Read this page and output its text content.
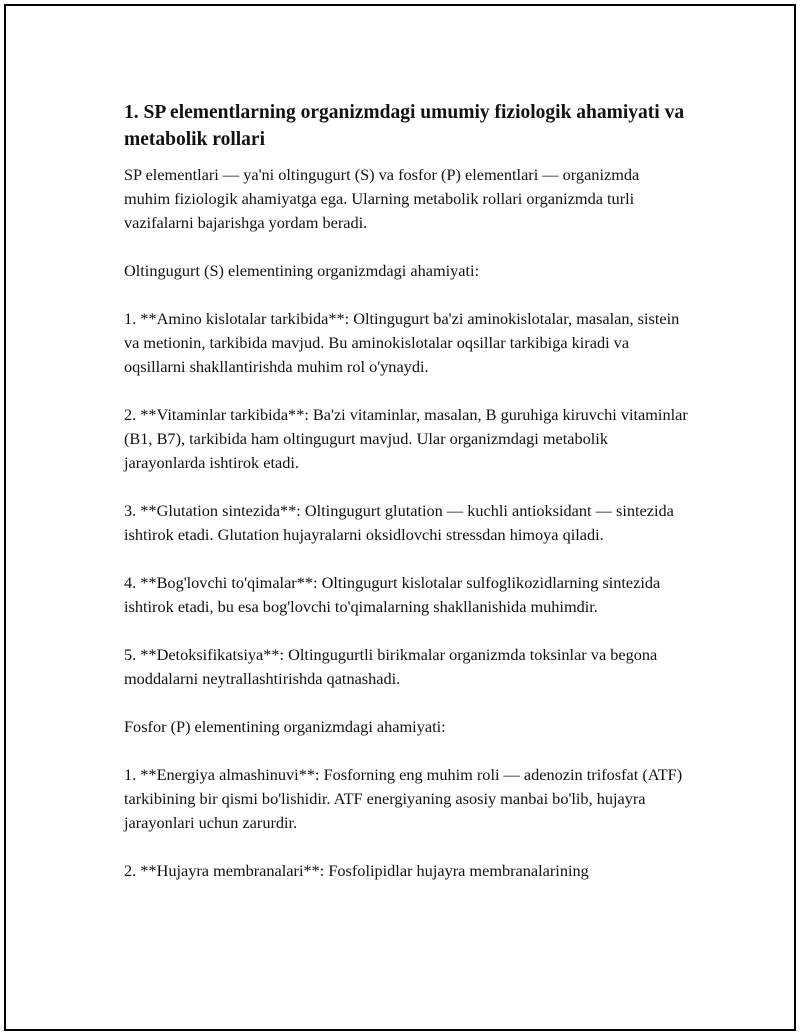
1. SP elementlarning organizmdagi umumiy fiziologik ahamiyati va metabolik rollari

SP elementlari — ya'ni oltingugurt (S) va fosfor (P) elementlari — organizmda muhim fiziologik ahamiyatga ega. Ularning metabolik rollari organizmda turli vazifalarni bajarishga yordam beradi.

Oltingugurt (S) elementining organizmdagi ahamiyati:

1. **Amino kislotalar tarkibida**: Oltingugurt ba'zi aminokislotalar, masalan, sistein va metionin, tarkibida mavjud. Bu aminokislotalar oqsillar tarkibiga kiradi va oqsillarni shakllantirishda muhim rol o'ynaydi.

2. **Vitaminlar tarkibida**: Ba'zi vitaminlar, masalan, B guruhiga kiruvchi vitaminlar (B1, B7), tarkibida ham oltingugurt mavjud. Ular organizmdagi metabolik jarayonlarda ishtirok etadi.

3. **Glutation sintezida**: Oltingugurt glutation — kuchli antioksidant — sintezida ishtirok etadi. Glutation hujayralarni oksidlovchi stressdan himoya qiladi.

4. **Bog'lovchi to'qimalar**: Oltingugurt kislotalar sulfoglikozidlarning sintezida ishtirok etadi, bu esa bog'lovchi to'qimalarning shakllanishida muhimdir.

5. **Detoksifikatsiya**: Oltingugurtli birikmalar organizmda toksinlar va begona moddalarni neytrallashtirishda qatnashadi.

Fosfor (P) elementining organizmdagi ahamiyati:

1. **Energiya almashinuvi**: Fosforning eng muhim roli — adenozin trifosfat (ATF) tarkibining bir qismi bo'lishidir. ATF energiyaning asosiy manbai bo'lib, hujayra jarayonlari uchun zarurdir.

2. **Hujayra membranalari**: Fosfolipidlar hujayra membranalarining
